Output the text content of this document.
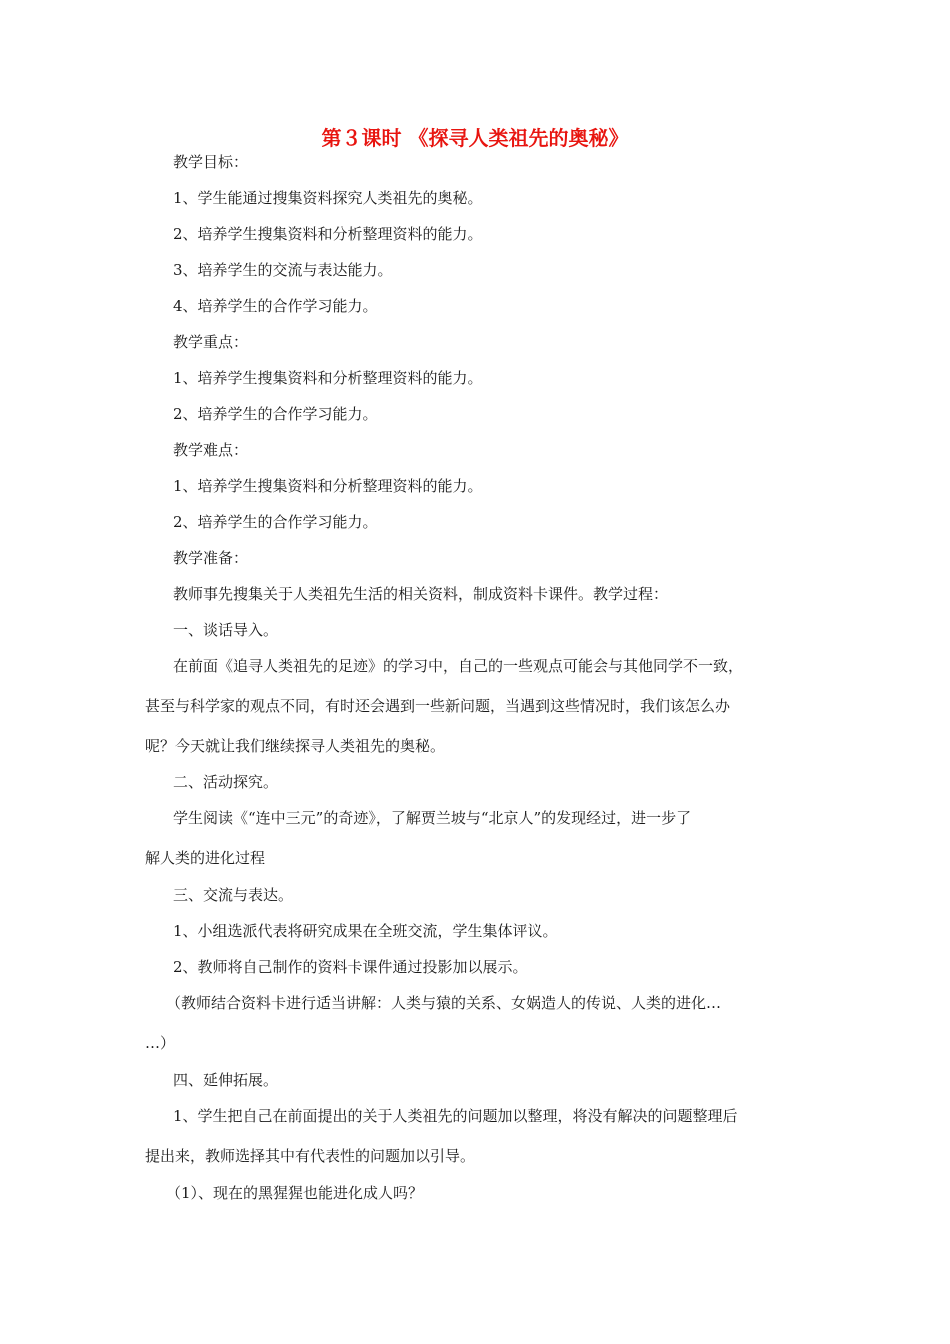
第３课时 《探寻人类祖先的奥秘》
教学目标：
1、学生能通过搜集资料探究人类祖先的奥秘。
2、培养学生搜集资料和分析整理资料的能力。
3、培养学生的交流与表达能力。
4、培养学生的合作学习能力。
教学重点：
1、培养学生搜集资料和分析整理资料的能力。
2、培养学生的合作学习能力。
教学难点：
1、培养学生搜集资料和分析整理资料的能力。
2、培养学生的合作学习能力。
教学准备：
教师事先搜集关于人类祖先生活的相关资料，制成资料卡课件。教学过程：
一、谈话导入。
在前面《追寻人类祖先的足迹》的学习中，自己的一些观点可能会与其他同学不一致，
甚至与科学家的观点不同，有时还会遇到一些新问题，当遇到这些情况时，我们该怎么办
呢？今天就让我们继续探寻人类祖先的奥秘。
二、活动探究。
学生阅读《“连中三元”的奇迹》，了解贾兰坡与“北京人”的发现经过，进一步了
解人类的进化过程
三、交流与表达。
1、小组选派代表将研究成果在全班交流，学生集体评议。
2、教师将自己制作的资料卡课件通过投影加以展示。
（教师结合资料卡进行适当讲解：人类与猿的关系、女娲造人的传说、人类的进化…
…）
四、延伸拓展。
1、学生把自己在前面提出的关于人类祖先的问题加以整理，将没有解决的问题整理后
提出来，教师选择其中有代表性的问题加以引导。
（1）、现在的黑猩猩也能进化成人吗？
